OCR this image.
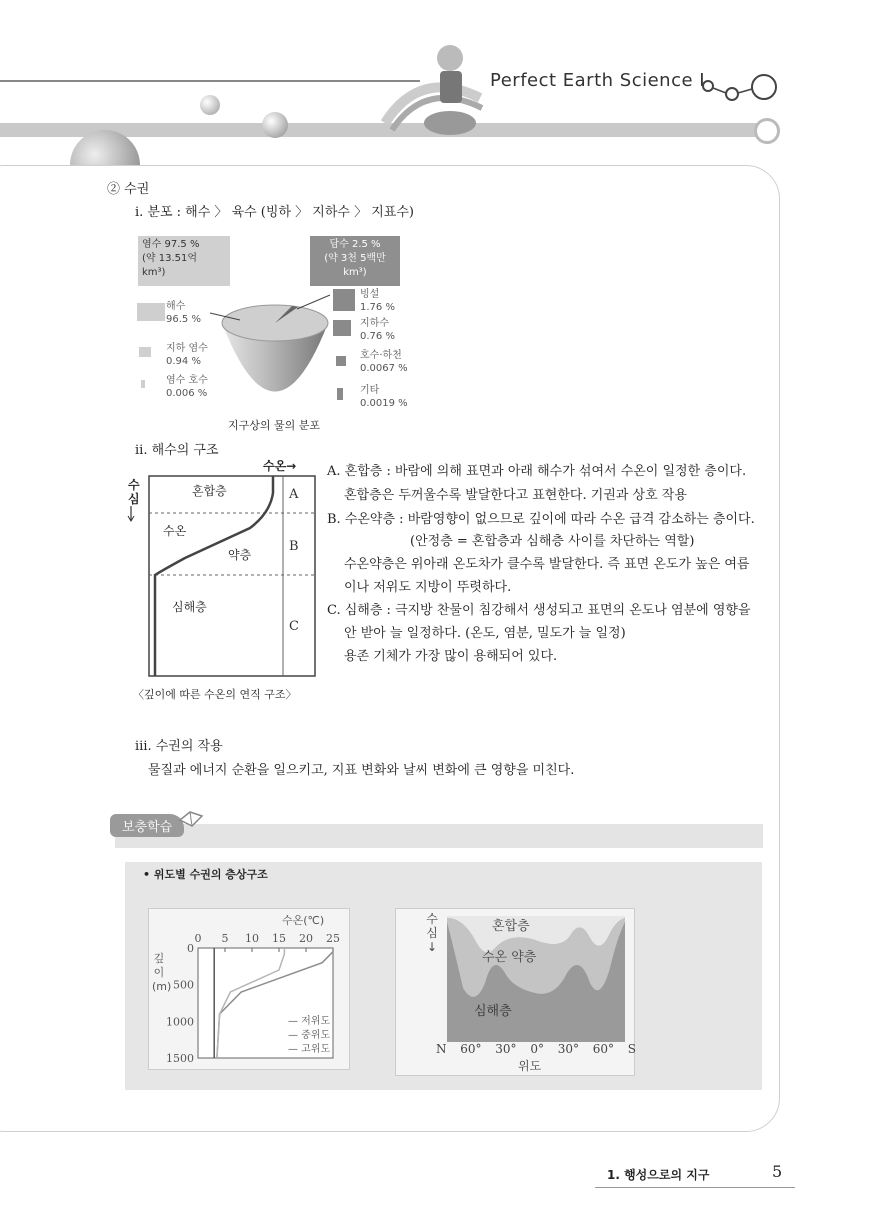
Perfect Earth Science Ⅰ
② 수권
ⅰ. 분포 : 해수 〉 육수 (빙하 〉 지하수 〉 지표수)
염수 97.5 %
(약 13.51억
km³)
담수 2.5 %
(약 3천 5백만
km³)
해수
96.5 %
지하 염수
0.94 %
염수 호수
0.006 %
빙설
1.76 %
지하수
0.76 %
호수·하천
0.0067 %
기타
0.0019 %
지구상의 물의 분포
ⅱ. 해수의 구조
A
B
C
수온→
수심
혼합층
수온
약층
심해층
〈깊이에 따른 수온의 연직 구조〉
A. 혼합층 : 바람에 의해 표면과 아래 해수가 섞여서 수온이 일정한 층이다.
혼합층은 두꺼울수록 발달한다고 표현한다. 기권과 상호 작용
B. 수온약층 : 바람영향이 없으므로 깊이에 따라 수온 급격 감소하는 층이다.
(안정층 = 혼합층과 심해층 사이를 차단하는 역할)
수온약층은 위아래 온도차가 클수록 발달한다. 즉 표면 온도가 높은 여름
이나 저위도 지방이 뚜렷하다.
C. 심해층 : 극지방 찬물이 침강해서 생성되고 표면의 온도나 염분에 영향을
안 받아 늘 일정하다. (온도, 염분, 밀도가 늘 일정)
용존 기체가 가장 많이 용해되어 있다.
ⅲ. 수권의 작용
물질과 에너지 순환을 일으키고, 지표 변화와 날씨 변화에 큰 영향을 미친다.
보충학습
• 위도별 수권의 층상구조
수온(℃)
깊
이
(m)
0 5 10 15 20 25
0
500
1000
1500
— 저위도
— 중위도
— 고위도
수
심
↓
혼합층
수온 약층
심해층
N 60° 30° 0° 30° 60° S
위도
1. 행성으로의 지구	5
